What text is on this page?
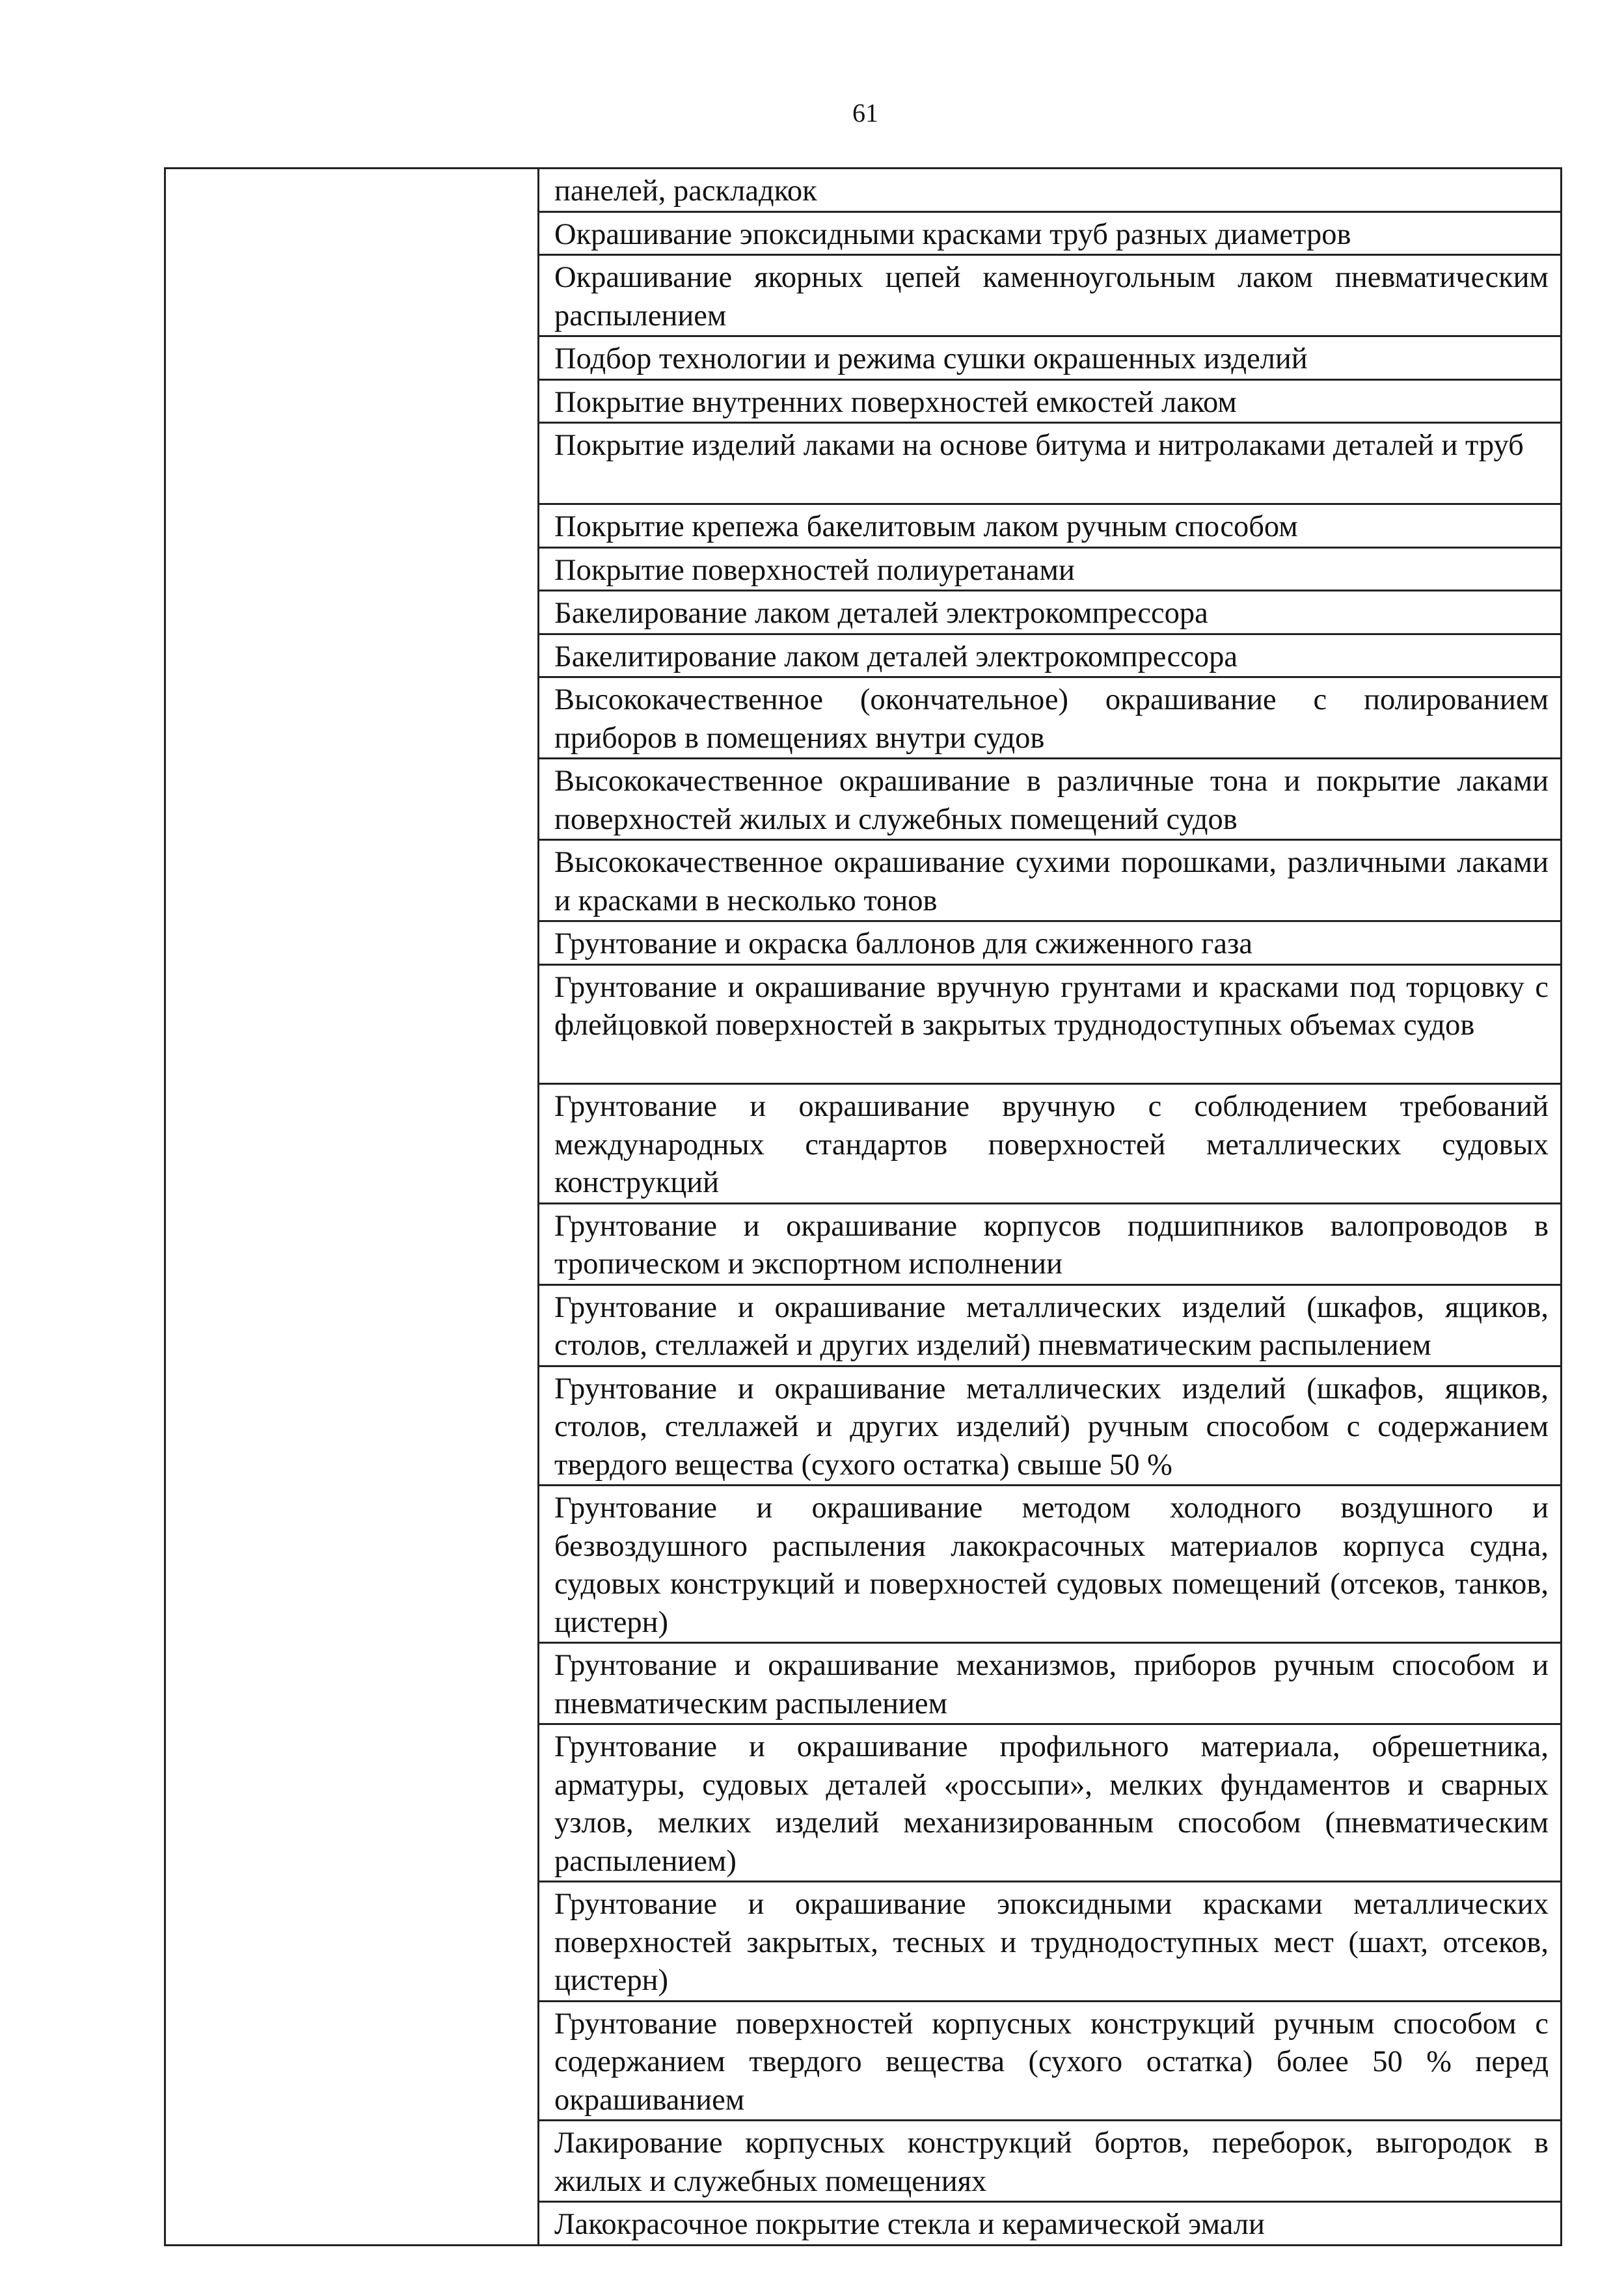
61

панелей, раскладкок

Окрашивание эпоксидными красками труб разных диаметров

Окрашивание якорных цепей каменноугольным лаком пневматическим распылением

Подбор технологии и режима сушки окрашенных изделий

Покрытие внутренних поверхностей емкостей лаком

Покрытие изделий лаками на основе битума и нитролаками деталей и труб

Покрытие крепежа бакелитовым лаком ручным способом

Покрытие поверхностей полиуретанами

Бакелирование лаком деталей электрокомпрессора

Бакелитирование лаком деталей электрокомпрессора

Высококачественное (окончательное) окрашивание с полированием приборов в помещениях внутри судов

Высококачественное окрашивание в различные тона и покрытие лаками поверхностей жилых и служебных помещений судов

Высококачественное окрашивание сухими порошками, различными лаками и красками в несколько тонов

Грунтование и окраска баллонов для сжиженного газа

Грунтование и окрашивание вручную грунтами и красками под торцовку с флейцовкой поверхностей в закрытых труднодоступных объемах судов

Грунтование и окрашивание вручную с соблюдением требований международных стандартов поверхностей металлических судовых конструкций

Грунтование и окрашивание корпусов подшипников валопроводов в тропическом и экспортном исполнении

Грунтование и окрашивание металлических изделий (шкафов, ящиков, столов, стеллажей и других изделий) пневматическим распылением

Грунтование и окрашивание металлических изделий (шкафов, ящиков, столов, стеллажей и других изделий) ручным способом с содержанием твердого вещества (сухого остатка) свыше 50 %

Грунтование и окрашивание методом холодного воздушного и безвоздушного распыления лакокрасочных материалов корпуса судна, судовых конструкций и поверхностей судовых помещений (отсеков, танков, цистерн)

Грунтование и окрашивание механизмов, приборов ручным способом и пневматическим распылением

Грунтование и окрашивание профильного материала, обрешетника, арматуры, судовых деталей «россыпи», мелких фундаментов и сварных узлов, мелких изделий механизированным способом (пневматическим распылением)

Грунтование и окрашивание эпоксидными красками металлических поверхностей закрытых, тесных и труднодоступных мест (шахт, отсеков, цистерн)

Грунтование поверхностей корпусных конструкций ручным способом с содержанием твердого вещества (сухого остатка) более 50 % перед окрашиванием

Лакирование корпусных конструкций бортов, переборок, выгородок в жилых и служебных помещениях

Лакокрасочное покрытие стекла и керамической эмали
